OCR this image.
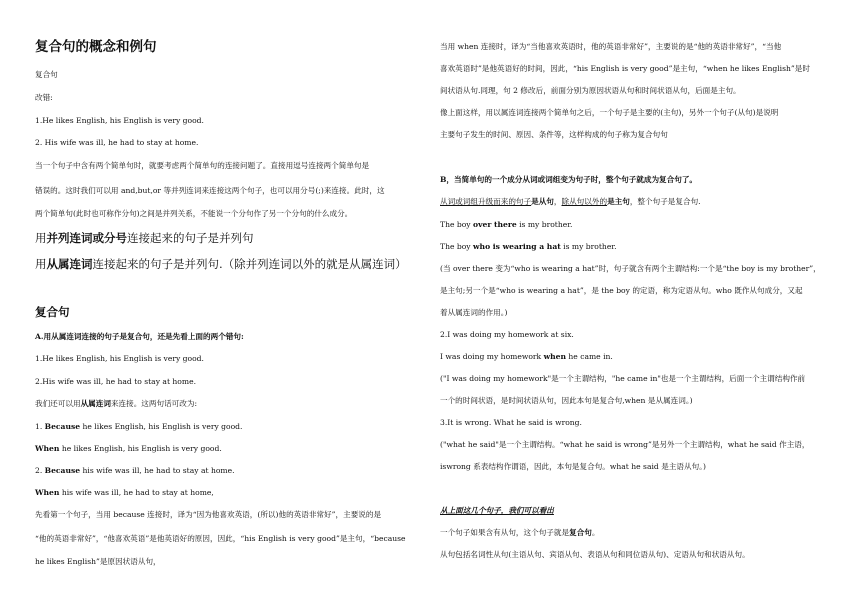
复合句的概念和例句
复合句
改错:
1.He likes English, his English is very good.
2. His wife was ill, he had to stay at home.
当一个句子中含有两个简单句时，就要考虑两个简单句的连接问题了。直接用逗号连接两个简单句是
错误的。这时我们可以用 and,but,or 等并列连词来连接这两个句子，也可以用分号(;)来连接。此时，这
两个简单句(此时也可称作分句)之间是并列关系，不能说一个分句作了另一个分句的什么成分。
用并列连词或分号连接起来的句子是并列句
用从属连词连接起来的句子是并列句.（除并列连词以外的就是从属连词）
复合句
A.用从属连词连接的句子是复合句，还是先看上面的两个错句:
1.He likes English, his English is very good.
2.His wife was ill, he had to stay at home.
我们还可以用从属连词来连接。这两句话可改为:
1. Because he likes English, his English is very good.
When he likes English, his English is very good.
2. Because his wife was ill, he had to stay at home.
When his wife was ill, he had to stay at home,
先看第一个句子，当用 because 连接时，译为“因为他喜欢英语，(所以)他的英语非常好”，主要说的是
“他的英语非常好”，“他喜欢英语”是他英语好的原因，因此，“his English is very good”是主句，“because
he likes English”是原因状语从句，
当用 when 连接时，译为“当他喜欢英语时，他的英语非常好”，主要说的是“他的英语非常好”，“当他
喜欢英语时”是他英语好的时间，因此，“his English is very good”是主句，“when he likes English”是时
间状语从句.同理，句 2 修改后，前面分别为原因状语从句和时间状语从句，后面是主句。
像上面这样，用以属连词连接两个简单句之后，一个句子是主要的(主句)，另外一个句子(从句)是说明
主要句子发生的时间、原因、条件等，这样构成的句子称为复合句句
B，当简单句的一个成分从词或词组变为句子时，整个句子就成为复合句了。
从词或词组升级而来的句子是从句，除从句以外的是主句，整个句子是复合句.
The boy over there is my brother.
The boy who is wearing a hat is my brother.
(当 over there 变为“who is wearing a hat”时，句子就含有两个主谓结构:一个是“the boy is my brother”，
是主句;另一个是“who is wearing a hat”，是 the boy 的定语，称为定语从句。who 既作从句成分，又起
着从属连词的作用。)
2.I was doing my homework at six.
I was doing my homework when he came in.
("I was doing my homework"是一个主谓结构，"he came in"也是一个主谓结构，后面一个主谓结构作前
一个的时间状语，是时间状语从句，因此本句是复合句,when 是从属连词。)
3.It is wrong. What he said is wrong.
("what he said"是一个主谓结构。“what he said is wrong”是另外一个主谓结构，what he said 作主语，
iswrong 系表结构作谓语，因此，本句是复合句。what he said 是主语从句。)
从上面这几个句子，我们可以看出
一个句子如果含有从句，这个句子就是复合句。
从句包括名词性从句(主语从句、宾语从句、表语从句和同位语从句)、定语从句和状语从句。
